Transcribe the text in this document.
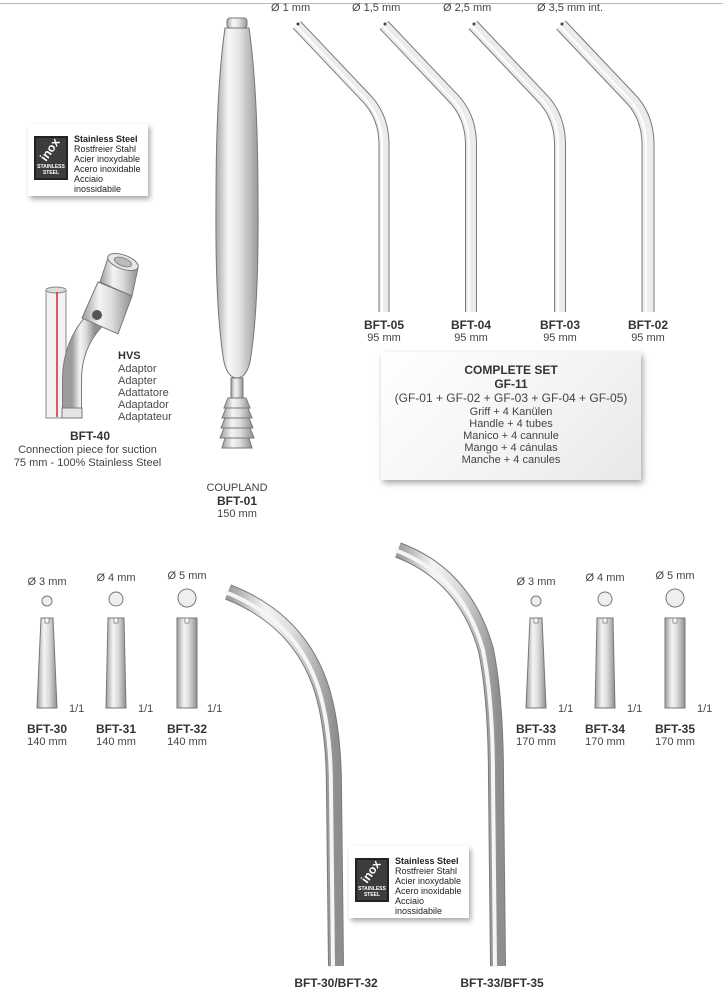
inox
STAINLESS
STEEL
Stainless Steel
Rostfreier Stahl
Acier inoxydable
Acero inoxidable
Acciaio inossidabile
inox
STAINLESS
STEEL
Stainless Steel
Rostfreier Stahl
Acier inoxydable
Acero inoxidable
Acciaio inossidabile
Ø 1 mm	Ø 1,5 mm	Ø 2,5 mm	Ø 3,5 mm int.
BFT-05
95 mm
BFT-04
95 mm
BFT-03
95 mm
BFT-02
95 mm
HVS
Adaptor
Adapter
Adattatore
Adaptador
Adaptateur
BFT-40
Connection piece for suction
75 mm - 100% Stainless Steel
COUPLAND
BFT-01
150 mm
COMPLETE SET
GF-11
(GF-01 + GF-02 + GF-03 + GF-04 + GF-05)
Griff + 4 Kanülen
Handle + 4 tubes
Manico + 4 cannule
Mango + 4 cánulas
Manche + 4 canules
Ø 3 mm	Ø 4 mm	Ø 5 mm	Ø 3 mm	Ø 4 mm	Ø 5 mm
1/1	1/1	1/1	1/1	1/1	1/1
BFT-30
140 mm
BFT-31
140 mm
BFT-32
140 mm
BFT-33
170 mm
BFT-34
170 mm
BFT-35
170 mm
BFT-30/BFT-32	BFT-33/BFT-35
